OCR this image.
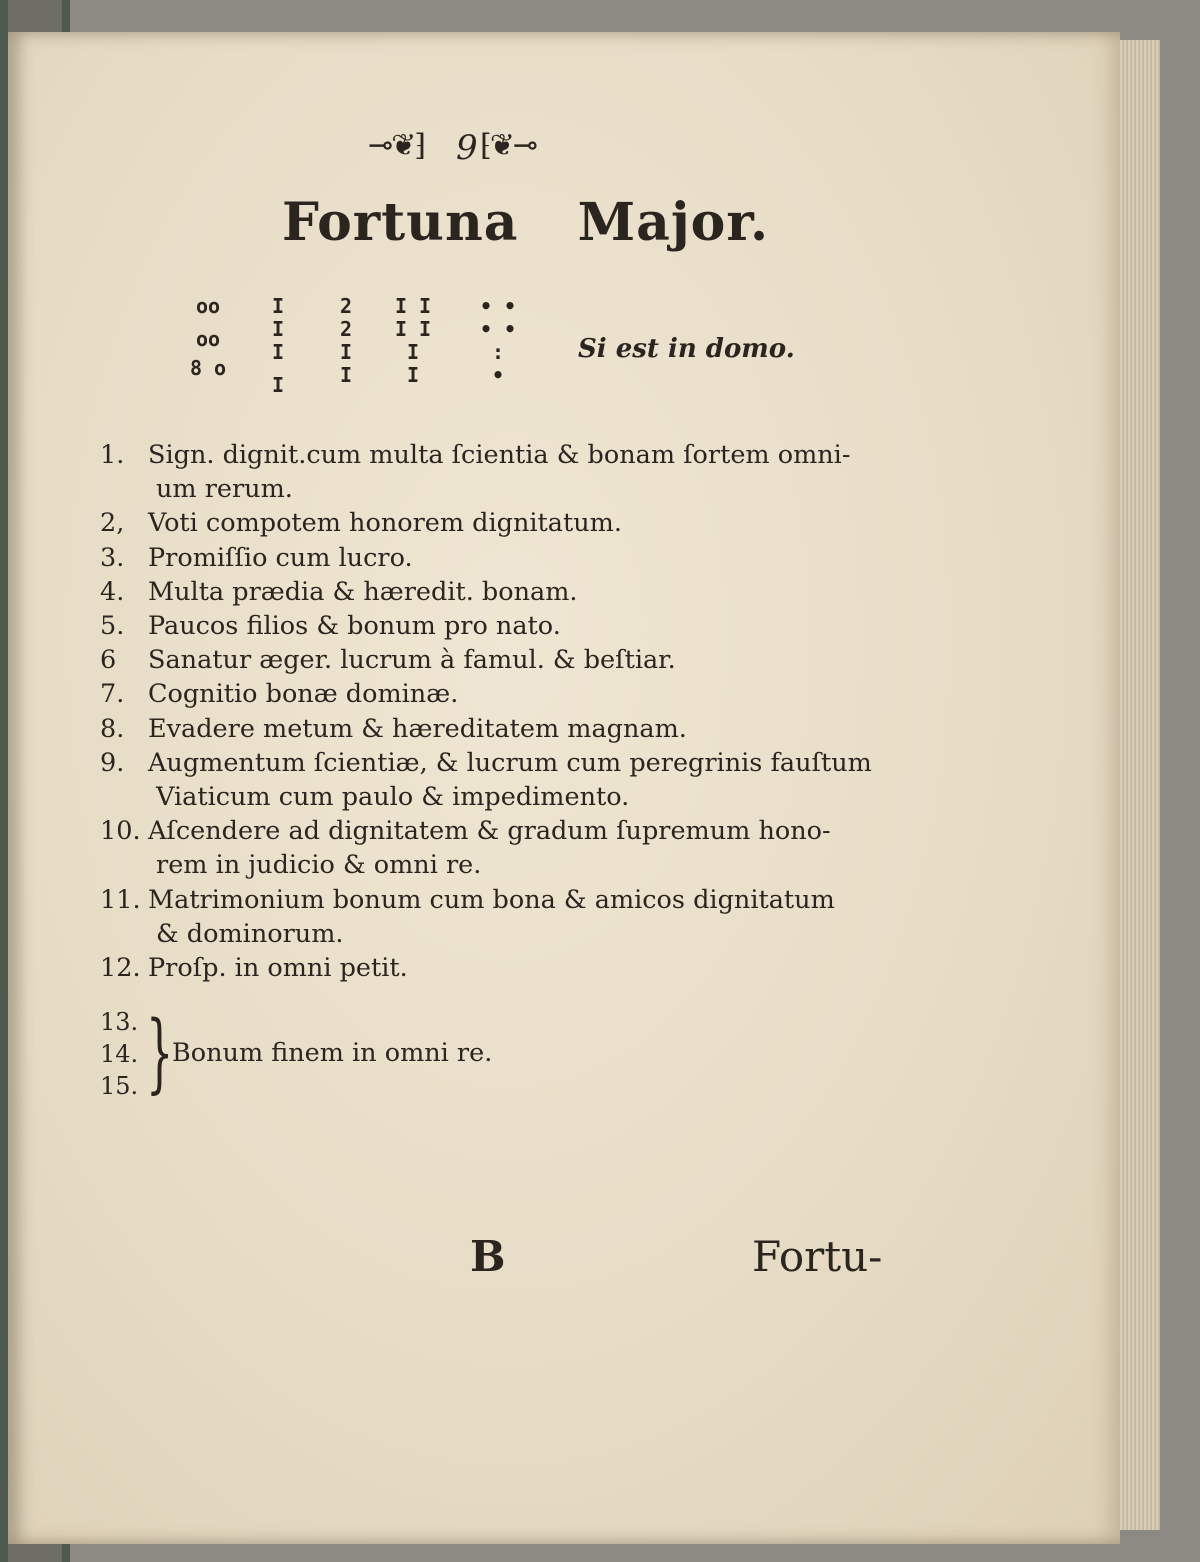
⊸❦⁆ 9 ⁅❦⊸
Fortuna Major.
oo
oo
8 o
I
I
I
I
2
2
I
I
I I
I I
I
I
• •
• •
:
•
Si est in domo.
1. Sign. dignit.cum multa ſcientia & bonam ſortem omni-
um rerum.
2, Voti compotem honorem dignitatum.
3. Promiſſio cum lucro.
4. Multa prædia & hæredit. bonam.
5. Paucos filios & bonum pro nato.
6	Sanatur æger. lucrum à famul. & beſtiar.
7. Cognitio bonæ dominæ.
8. Evadere metum & hæreditatem magnam.
9. Augmentum ſcientiæ, & lucrum cum peregrinis fauſtum
Viaticum cum paulo & impedimento.
10. Aſcendere ad dignitatem & gradum ſupremum hono-
rem in judicio & omni re.
11. Matrimonium bonum cum bona & amicos dignitatum
& dominorum.
12. Proſp. in omni petit.
13.
14.
15. }
Bonum finem in omni re.
B	Fortu-
